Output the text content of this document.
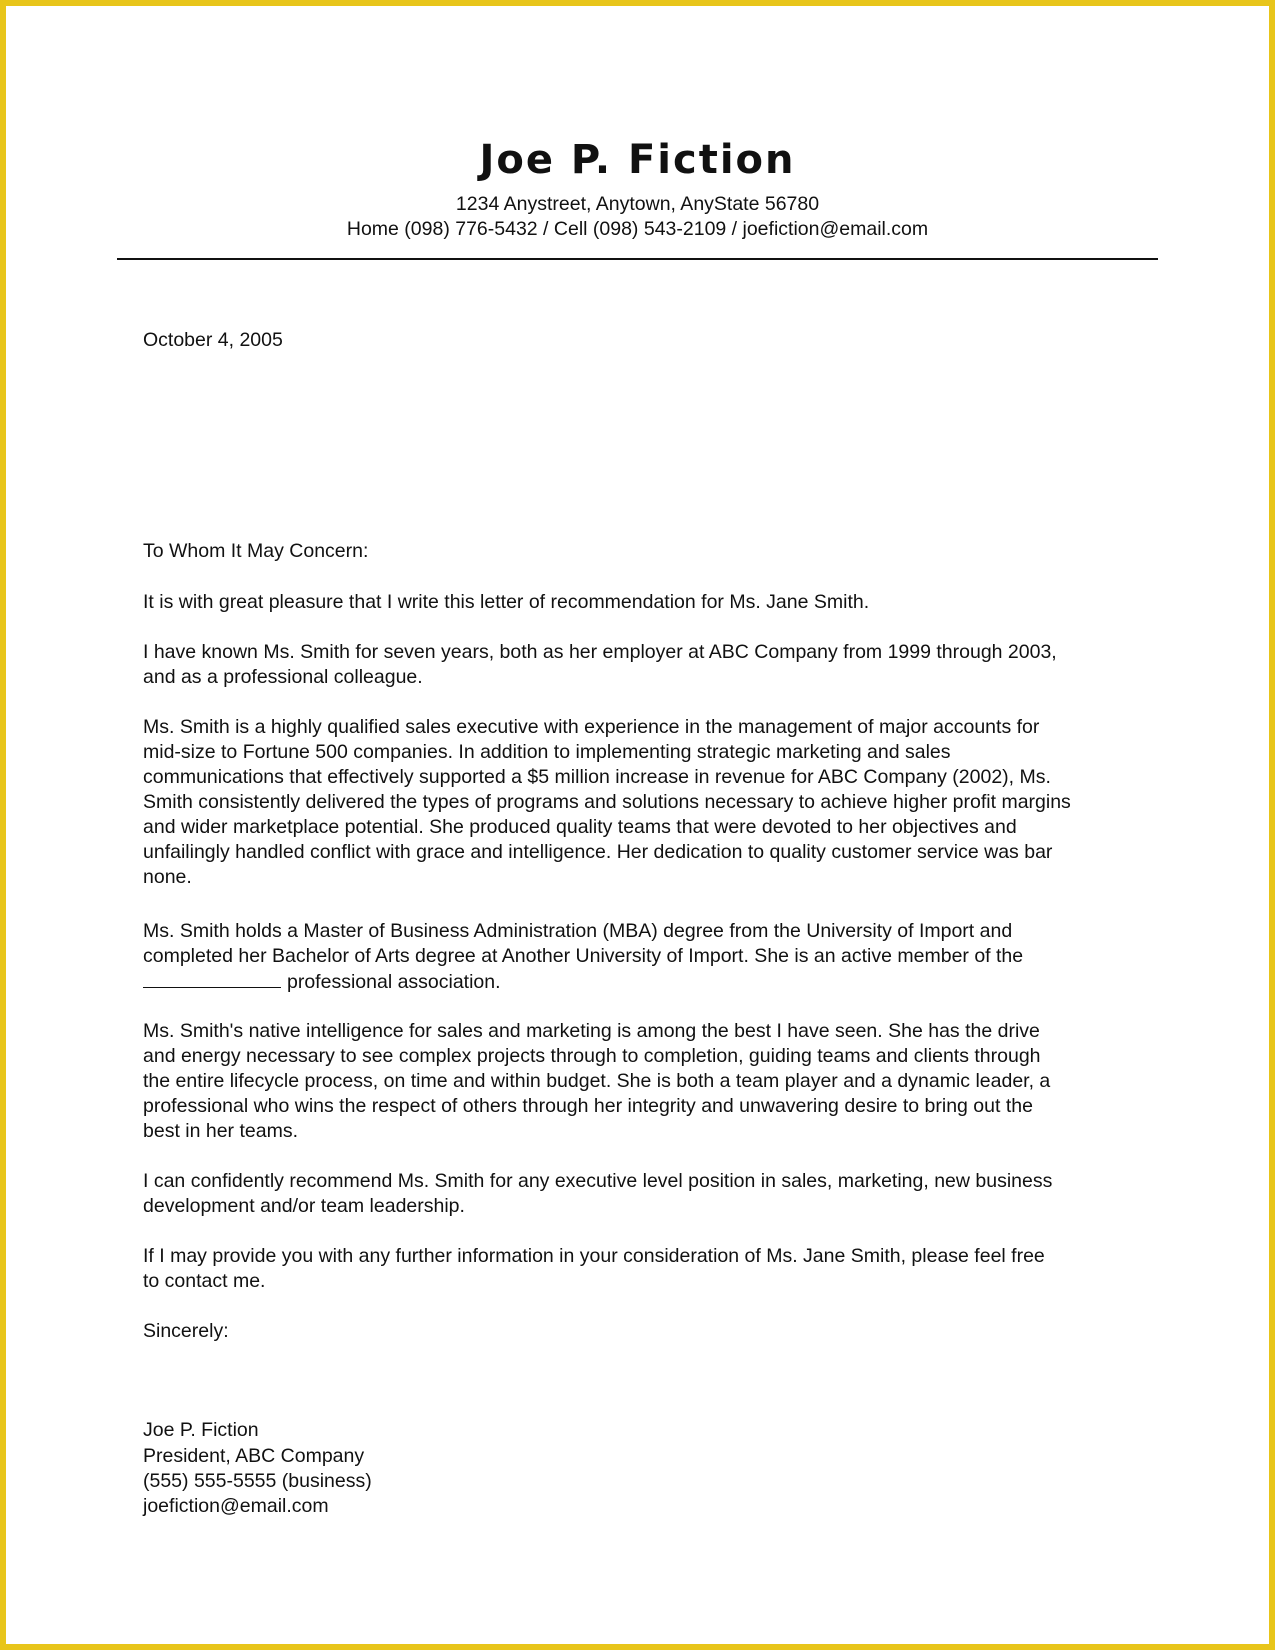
Joe P. Fiction
1234 Anystreet, Anytown, AnyState 56780
Home (098) 776-5432 / Cell (098) 543-2109 / joefiction@email.com

October 4, 2005

To Whom It May Concern:

It is with great pleasure that I write this letter of recommendation for Ms. Jane Smith.

I have known Ms. Smith for seven years, both as her employer at ABC Company from 1999 through 2003,
and as a professional colleague.

Ms. Smith is a highly qualified sales executive with experience in the management of major accounts for
mid-size to Fortune 500 companies. In addition to implementing strategic marketing and sales
communications that effectively supported a $5 million increase in revenue for ABC Company (2002), Ms.
Smith consistently delivered the types of programs and solutions necessary to achieve higher profit margins
and wider marketplace potential. She produced quality teams that were devoted to her objectives and
unfailingly handled conflict with grace and intelligence. Her dedication to quality customer service was bar
none.

Ms. Smith holds a Master of Business Administration (MBA) degree from the University of Import and
completed her Bachelor of Arts degree at Another University of Import. She is an active member of the
professional association.

Ms. Smith's native intelligence for sales and marketing is among the best I have seen. She has the drive
and energy necessary to see complex projects through to completion, guiding teams and clients through
the entire lifecycle process, on time and within budget. She is both a team player and a dynamic leader, a
professional who wins the respect of others through her integrity and unwavering desire to bring out the
best in her teams.

I can confidently recommend Ms. Smith for any executive level position in sales, marketing, new business
development and/or team leadership.

If I may provide you with any further information in your consideration of Ms. Jane Smith, please feel free
to contact me.

Sincerely:

Joe P. Fiction
President, ABC Company
(555) 555-5555 (business)
joefiction@email.com
